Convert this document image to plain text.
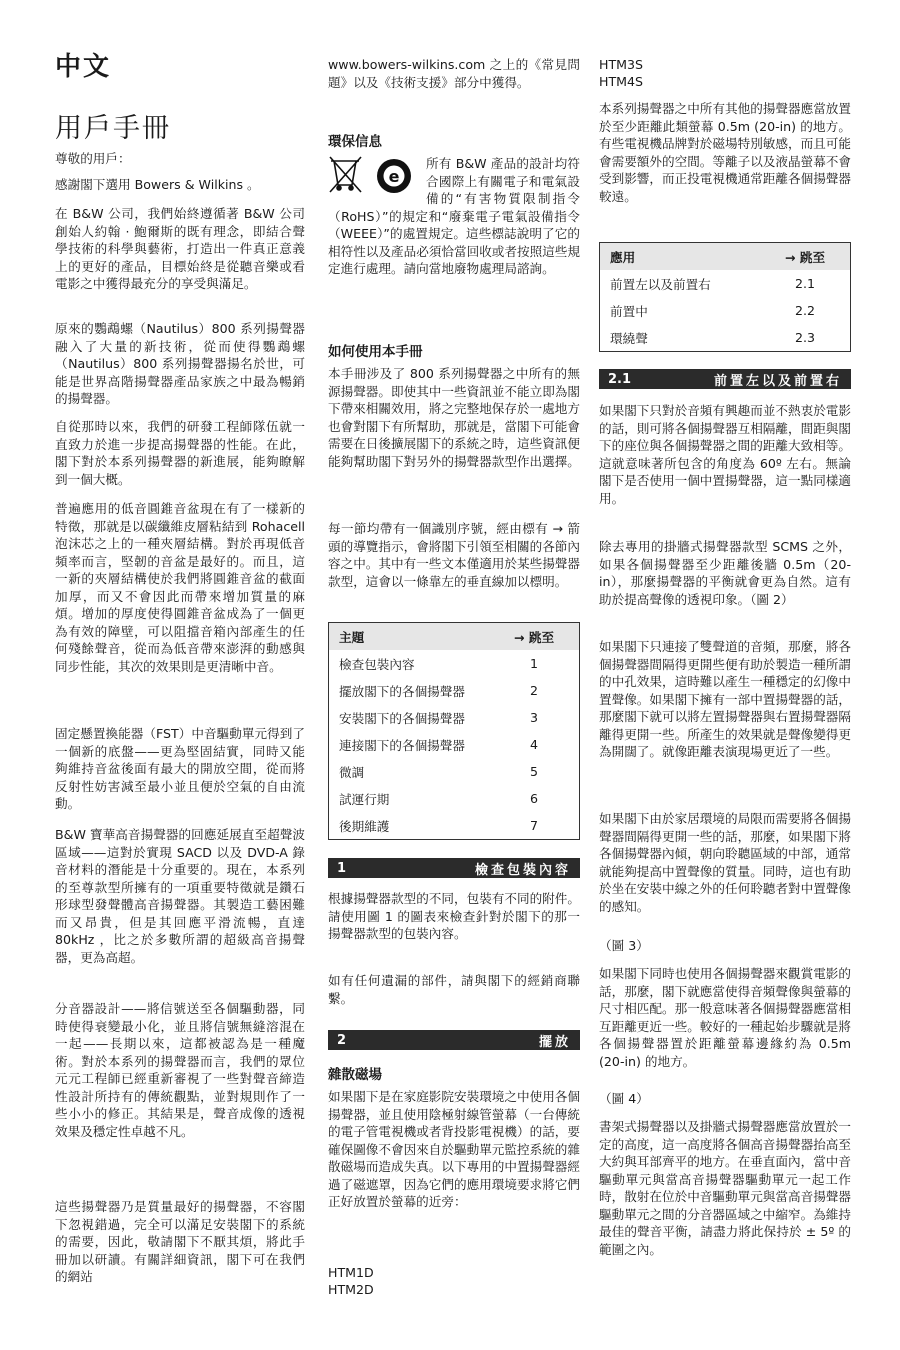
中文
用戶手冊

尊敬的用戶：

感謝閣下選用 Bowers & Wilkins 。

在 B&W 公司，我們始終遵循著 B&W 公司創始人約翰 · 鮑爾斯的既有理念，即結合聲學技術的科學與藝術，打造出一件真正意義上的更好的產品，目標始終是從聽音樂或看電影之中獲得最充分的享受與滿足。

原來的鸚鵡螺（Nautilus）800 系列揚聲器融入了大量的新技術，從而使得鸚鵡螺（Nautilus）800 系列揚聲器揚名於世，可能是世界高階揚聲器產品家族之中最為暢銷的揚聲器。

自從那時以來，我們的研發工程師隊伍就一直致力於進一步提高揚聲器的性能。在此，閣下對於本系列揚聲器的新進展，能夠瞭解到一個大概。

普遍應用的低音圓錐音盆現在有了一樣新的特徵，那就是以碳纖維皮層粘結到 Rohacell 泡沫芯之上的一種夾層結構。對於再現低音頻率而言，堅韌的音盆是最好的。而且，這一新的夾層結構使於我們將圓錐音盆的截面加厚，而又不會因此而帶來增加質量的麻煩。增加的厚度使得圓錐音盆成為了一個更為有效的障壁，可以阻擋音箱內部產生的任何殘餘聲音，從而為低音帶來澎湃的動感與同步性能，其次的效果則是更清晰中音。

固定懸置換能器（FST）中音驅動單元得到了一個新的底盤——更為堅固結實，同時又能夠維持音盆後面有最大的開放空間，從而將反射性妨害減至最小並且便於空氣的自由流動。

B&W 寶華高音揚聲器的回應延展直至超聲波區域——這對於實現 SACD 以及 DVD-A 錄音材料的潛能是十分重要的。現在，本系列的至尊款型所擁有的一項重要特徵就是鑽石形球型發聲體高音揚聲器。其製造工藝困難而又昂貴，但是其回應平滑流暢，直達 80kHz ，比之於多數所謂的超級高音揚聲器，更為高超。

分音器設計——將信號送至各個驅動器，同時使得衰變最小化，並且將信號無縫溶混在一起——長期以來，這都被認為是一種魔術。對於本系列的揚聲器而言，我們的眾位元元工程師已經重新審視了一些對聲音締造性設計所持有的傳統觀點，並對規則作了一些小小的修正。其結果是，聲音成像的透視效果及穩定性卓越不凡。

這些揚聲器乃是質量最好的揚聲器，不容閣下忽視錯過，完全可以滿足安裝閣下的系統的需要，因此，敬請閣下不厭其煩，將此手冊加以研讀。有關詳細資訊，閣下可在我們的網站

www.bowers-wilkins.com 之上的《常見問題》以及《技術支援》部分中獲得。

環保信息
e

所有 B&W 產品的設計均符合國際上有關電子和電氣設備的“有害物質限制指令（RoHS）”的規定和“廢棄電子電氣設備指令（WEEE）”的處置規定。這些標誌說明了它的相符性以及產品必須恰當回收或者按照這些規定進行處理。請向當地廢物處理局諮詢。

如何使用本手冊

本手冊涉及了 800 系列揚聲器之中所有的無源揚聲器。即使其中一些資訊並不能立即為閣下帶來相關效用，將之完整地保存於一處地方也會對閣下有所幫助，那就是，當閣下可能會需要在日後擴展閣下的系統之時，這些資訊便能夠幫助閣下對另外的揚聲器款型作出選擇。

每一節均帶有一個識別序號，經由標有 → 箭頭的導覽指示，會將閣下引領至相關的各節內容之中。其中有一些文本僅適用於某些揚聲器款型，這會以一條靠左的垂直線加以標明。

主題	→ 跳至
檢查包裝內容	1
擺放閣下的各個揚聲器	2
安裝閣下的各個揚聲器	3
連接閣下的各個揚聲器	4
微調	5
試運行期	6
後期維護	7
1	檢查包裝內容

根據揚聲器款型的不同，包裝有不同的附件。請使用圖 1 的圖表來檢查針對於閣下的那一揚聲器款型的包裝內容。

如有任何遺漏的部件，請與閣下的經銷商聯繫。

2	擺放
雜散磁場

如果閣下是在家庭影院安裝環境之中使用各個揚聲器，並且使用陰極射線管螢幕（一台傳統的電子管電視機或者背投影電視機）的話，要確保圖像不會因來自於驅動單元監控系統的雜散磁場而造成失真。以下專用的中置揚聲器經過了磁遮罩，因為它們的應用環境要求將它們正好放置於螢幕的近旁：

HTM1D
HTM2D
HTM3S
HTM4S

本系列揚聲器之中所有其他的揚聲器應當放置於至少距離此類螢幕 0.5m (20-in) 的地方。有些電視機品牌對於磁場特別敏感，而且可能會需要額外的空間。等離子以及液晶螢幕不會受到影響，而正投電視機通常距離各個揚聲器較遠。

應用	→ 跳至
前置左以及前置右	2.1
前置中	2.2
環繞聲	2.3
2.1	前置左以及前置右

如果閣下只對於音頻有興趣而並不熱衷於電影的話，則可將各個揚聲器互相隔離，間距與閣下的座位與各個揚聲器之間的距離大致相等。這就意味著所包含的角度為 60º 左右。無論閣下是否使用一個中置揚聲器，這一點同樣適用。

除去專用的掛牆式揚聲器款型 SCMS 之外，如果各個揚聲器至少距離後牆 0.5m（20-in），那麼揚聲器的平衡就會更為自然。這有助於提高聲像的透視印象。（圖 2）

如果閣下只連接了雙聲道的音頻，那麼，將各個揚聲器間隔得更開些便有助於製造一種所謂的中孔效果，這時難以產生一種穩定的幻像中置聲像。如果閣下擁有一部中置揚聲器的話，那麼閣下就可以將左置揚聲器與右置揚聲器隔離得更開一些。所產生的效果就是聲像變得更為開闊了。就像距離表演現場更近了一些。

如果閣下由於家居環境的局限而需要將各個揚聲器間隔得更開一些的話，那麼，如果閣下將各個揚聲器內傾，朝向聆聽區域的中部，通常就能夠提高中置聲像的質量。同時，這也有助於坐在安裝中線之外的任何聆聽者對中置聲像的感知。

（圖 3）

如果閣下同時也使用各個揚聲器來觀賞電影的話，那麼，閣下就應當使得音頻聲像與螢幕的尺寸相匹配。那一般意味著各個揚聲器應當相互距離更近一些。較好的一種起始步驟就是將各個揚聲器置於距離螢幕邊緣約為 0.5m (20-in) 的地方。

（圖 4）

書架式揚聲器以及掛牆式揚聲器應當放置於一定的高度，這一高度將各個高音揚聲器抬高至大約與耳部齊平的地方。在垂直面內，當中音驅動單元與當高音揚聲器驅動單元一起工作時，散射在位於中音驅動單元與當高音揚聲器驅動單元之間的分音器區域之中縮窄。為維持最佳的聲音平衡，請盡力將此保持於 ± 5º 的範圍之內。
